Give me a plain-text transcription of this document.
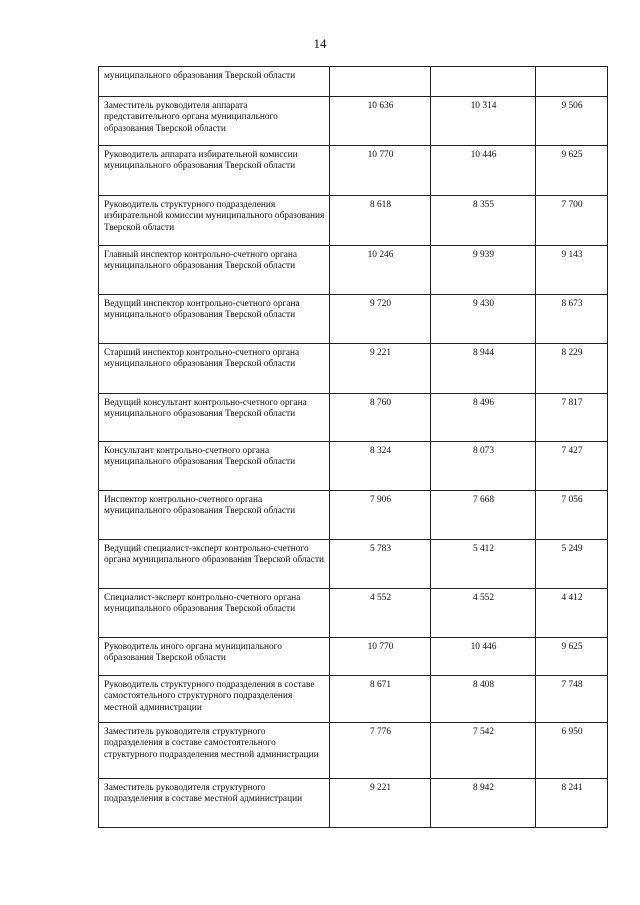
14
муниципального образования Тверской области			
Заместитель руководителя аппарата представительного органа муниципального образования Тверской области	10 636	10 314	9 506
Руководитель аппарата избирательной комиссии муниципального образования Тверской области	10 770	10 446	9 625
Руководитель структурного подразделения избирательной комиссии муниципального образования Тверской области	8 618	8 355	7 700
Главный инспектор контрольно-счетного органа муниципального образования Тверской области	10 246	9 939	9 143
Ведущий инспектор контрольно-счетного органа муниципального образования Тверской области	9 720	9 430	8 673
Старший инспектор контрольно-счетного органа муниципального образования Тверской области	9 221	8 944	8 229
Ведущий консультант контрольно-счетного органа муниципального образования Тверской области	8 760	8 496	7 817
Консультант контрольно-счетного органа муниципального образования Тверской области	8 324	8 073	7 427
Инспектор контрольно-счетного органа муниципального образования Тверской области	7 906	7 668	7 056
Ведущий специалист-эксперт контрольно-счетного органа муниципального образования Тверской области	5 783	5 412	5 249
Специалист-эксперт контрольно-счетного органа муниципального образования Тверской области	4 552	4 552	4 412
Руководитель иного органа муниципального образования Тверской области	10 770	10 446	9 625
Руководитель структурного подразделения в составе самостоятельного структурного подразделения местной администрации	8 671	8 408	7 748
Заместитель руководителя структурного подразделения в составе самостоятельного структурного подразделения местной администрации	7 776	7 542	6 950
Заместитель руководителя структурного подразделения в составе местной администрации	9 221	8 942	8 241
